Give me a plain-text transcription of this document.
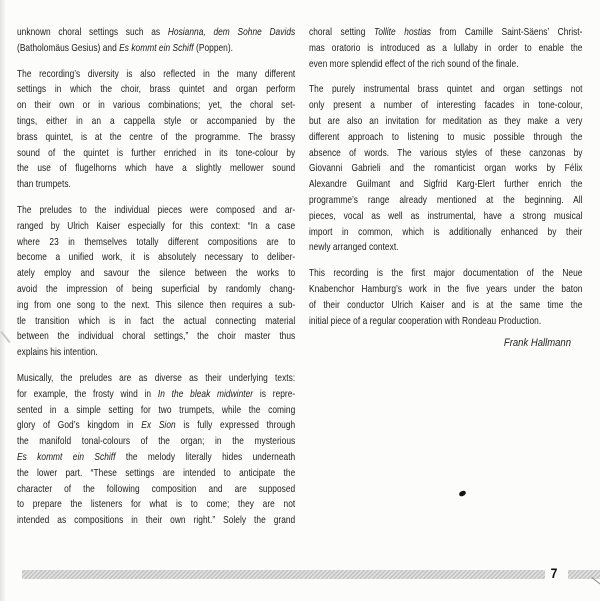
unknown choral settings such as Hosianna, dem Sohne Davids
(Batholomäus Gesius) and Es kommt ein Schiff (Poppen).
The recording’s diversity is also reflected in the many different
settings in which the choir, brass quintet and organ perform
on their own or in various combinations; yet, the choral set-
tings, either in an a cappella style or accompanied by the
brass quintet, is at the centre of the programme. The brassy
sound of the quintet is further enriched in its tone-colour by
the use of flugelhorns which have a slightly mellower sound
than trumpets.
The preludes to the individual pieces were composed and ar-
ranged by Ulrich Kaiser especially for this context: “In a case
where 23 in themselves totally different compositions are to
become a unified work, it is absolutely necessary to deliber-
ately employ and savour the silence between the works to
avoid the impression of being superficial by randomly chang-
ing from one song to the next. This silence then requires a sub-
tle transition which is in fact the actual connecting material
between the individual choral settings,” the choir master thus
explains his intention.
Musically, the preludes are as diverse as their underlying texts:
for example, the frosty wind in In the bleak midwinter is repre-
sented in a simple setting for two trumpets, while the coming
glory of God’s kingdom in Ex Sion is fully expressed through
the manifold tonal-colours of the organ; in the mysterious
Es kommt ein Schiff the melody literally hides underneath
the lower part. “These settings are intended to anticipate the
character of the following composition and are supposed
to prepare the listeners for what is to come; they are not
intended as compositions in their own right.” Solely the grand
choral setting Tollite hostias from Camille Saint-Säens’ Christ-
mas oratorio is introduced as a lullaby in order to enable the
even more splendid effect of the rich sound of the finale.
The purely instrumental brass quintet and organ settings not
only present a number of interesting facades in tone-colour,
but are also an invitation for meditation as they make a very
different approach to listening to music possible through the
absence of words. The various styles of these canzonas by
Giovanni Gabrieli and the romanticist organ works by Félix
Alexandre Guilmant and Sigfrid Karg-Elert further enrich the
programme’s range already mentioned at the beginning. All
pieces, vocal as well as instrumental, have a strong musical
import in common, which is additionally enhanced by their
newly arranged context.
This recording is the first major documentation of the Neue
Knabenchor Hamburg’s work in the five years under the baton
of their conductor Ulrich Kaiser and is at the same time the
initial piece of a regular cooperation with Rondeau Production.
Frank Hallmann
7
